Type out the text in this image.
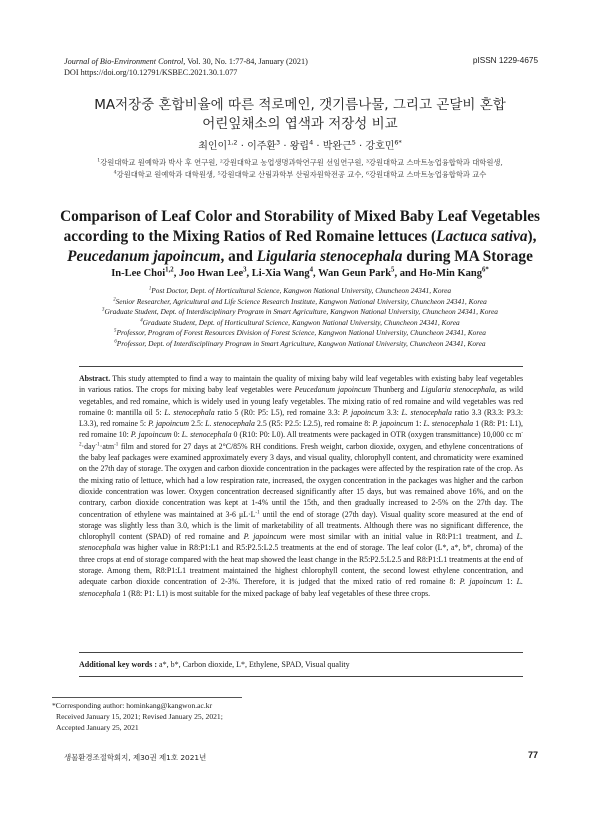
Journal of Bio-Environment Control, Vol. 30, No. 1:77-84, January (2021)
DOI https://doi.org/10.12791/KSBEC.2021.30.1.077
pISSN 1229-4675
MA저장중 혼합비율에 따른 적로메인, 갯기름나물, 그리고 곤달비 혼합
어린잎채소의 엽색과 저장성 비교
최인이$^{1,2}$ · 이주환$^3$ · 왕립$^4$ · 박완근$^5$ · 강호민$^{6*}$
$^1$강원대학교 원예학과 박사 후 연구원, ²강원대학교 농업생명과학연구원 선임연구원, ³강원대학교 스마트농업융합학과 대학원생,
$^4$강원대학교 원예학과 대학원생, ⁵강원대학교 산림과학부 산림자원학전공 교수, ⁶강원대학교 스마트농업융합학과 교수
Comparison of Leaf Color and Storability of Mixed Baby Leaf Vegetables
according to the Mixing Ratios of Red Romaine lettuces (Lactuca sativa),
Peucedanum japoincum, and Ligularia stenocephala during MA Storage
In-Lee Choi$^{1,2}$, Joo Hwan Lee$^3$, Li-Xia Wang$^4$, Wan Geun Park$^5$, and Ho-Min Kang$^{6*}$
$^1$Post Doctor, Dept. of Horticultural Science, Kangwon National University, Chuncheon 24341, Korea
$^2$Senior Researcher, Agricultural and Life Science Research Institute, Kangwon National University, Chuncheon 24341, Korea
$^3$Graduate Student, Dept. of Interdisciplinary Program in Smart Agriculture, Kangwon National University, Chuncheon 24341, Korea
$^4$Graduate Student, Dept. of Horticultural Science, Kangwon National University, Chuncheon 24341, Korea
$^5$Professor, Program of Forest Resources Division of Forest Science, Kangwon National University, Chuncheon 24341, Korea
$^6$Professor, Dept. of Interdisciplinary Program in Smart Agriculture, Kangwon National University, Chuncheon 24341, Korea
Abstract. This study attempted to find a way to maintain the quality of mixing baby wild leaf vegetables with existing baby leaf vegetables in various ratios. The crops for mixing baby leaf vegetables were Peucedanum japoincum Thunberg and Ligularia stenocephala, as wild vegetables, and red romaine, which is widely used in young leafy vegetables. The mixing ratio of red romaine and wild vegetables was red romaine 0: mantilla oil 5: L. stenocephala ratio 5 (R0: P5: L5), red romaine 3.3: P. japoincum 3.3: L. stenocephala ratio 3.3 (R3.3: P3.3: L3.3), red romaine 5: P. japoincum 2.5: L. stenocephala 2.5 (R5: P2.5: L2.5), red romaine 8: P. japoincum 1: L. stenocephala 1 (R8: P1: L1), red romaine 10: P. japoincum 0: L. stenocephala 0 (R10: P0: L0). All treatments were packaged in OTR (oxygen transmittance) 10,000 cc $m^{-2}\cdot day^{-1}\cdot atm^{-1}$ film and stored for 27 days at 2°C/85% RH conditions. Fresh weight, carbon dioxide, oxygen, and ethylene concentrations of the baby leaf packages were examined approximately every 3 days, and visual quality, chlorophyll content, and chromaticity were examined on the 27th day of storage. The oxygen and carbon dioxide concentration in the packages were affected by the respiration rate of the crop. As the mixing ratio of lettuce, which had a low respiration rate, increased, the oxygen concentration in the packages was higher and the carbon dioxide concentration was lower. Oxygen concentration decreased significantly after 15 days, but was remained above 16%, and on the contrary, carbon dioxide concentration was kept at 1-4% until the 15th, and then gradually increased to 2-5% on the 27th day. The concentration of ethylene was maintained at 3-6 $\mu L\cdot L^{-1}$ until the end of storage (27th day). Visual quality score measured at the end of storage was slightly less than 3.0, which is the limit of marketability of all treatments. Although there was no significant difference, the chlorophyll content (SPAD) of red romaine and P. japoincum were most similar with an initial value in R8:P1:1 treatment, and L. stenocephala was higher value in R8:P1:L1 and R5:P2.5:L2.5 treatments at the end of storage. The leaf color (L*, a*, b*, chroma) of the three crops at end of storage compared with the heat map showed the least change in the R5:P2.5:L2.5 and R8:P1:L1 treatments at the end of storage. Among them, R8:P1:L1 treatment maintained the highest chlorophyll content, the second lowest ethylene concentration, and adequate carbon dioxide concentration of 2-3%. Therefore, it is judged that the mixed ratio of red romaine 8: P. japoincum 1: L. stenocephala 1 (R8: P1: L1) is most suitable for the mixed package of baby leaf vegetables of these three crops.
Additional key words : a*, b*, Carbon dioxide, L*, Ethylene, SPAD, Visual quality
*Corresponding author: hominkang@kangwon.ac.kr
Received January 15, 2021; Revised January 25, 2021;
Accepted January 25, 2021
생물환경조절학회지, 제30권 제1호 2021년	77
